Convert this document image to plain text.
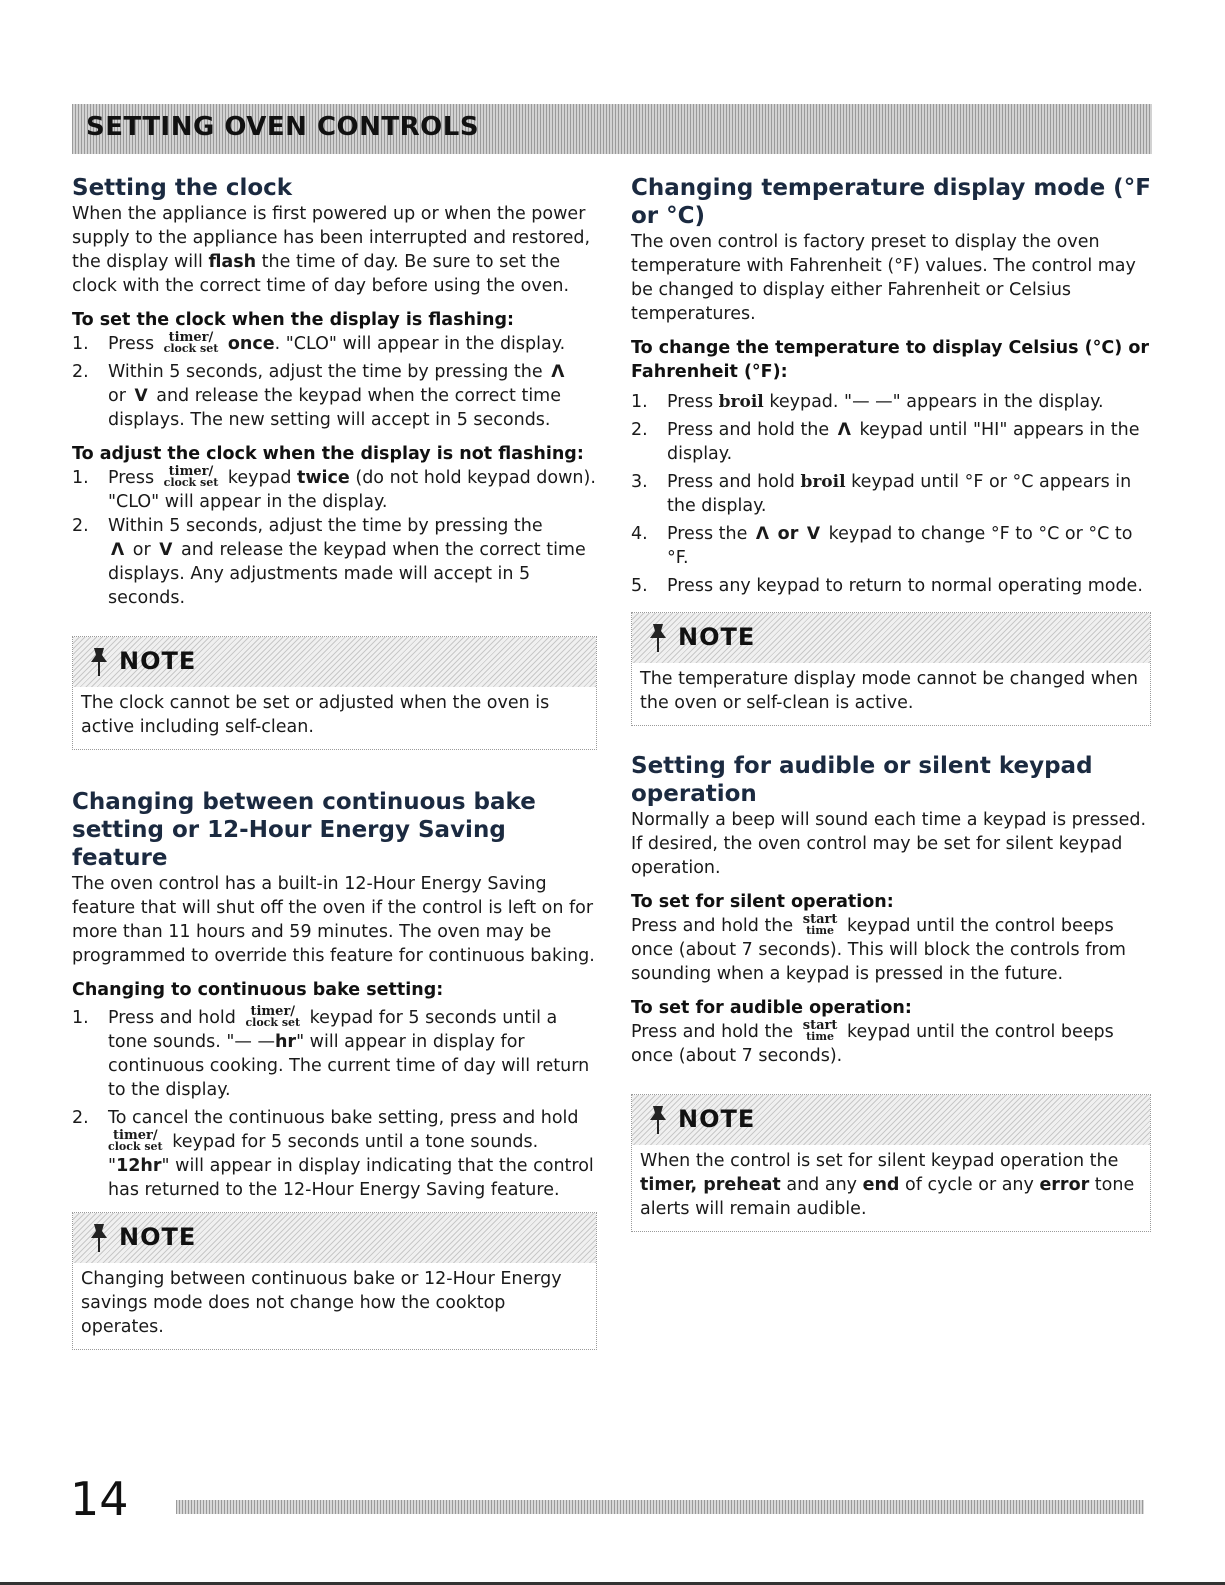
SETTING OVEN CONTROLS
Setting the clock

When the appliance is first powered up or when the power supply to the appliance has been interrupted and restored, the display will flash the time of day. Be sure to set the clock with the correct time of day before using the oven.

To set the clock when the display is flashing:
1. Press	timer/
clock set once. "CLO" will appear in the display.
2. Within 5 seconds, adjust the time by pressing the Λ
or V and release the keypad when the correct time displays. The new setting will accept in 5 seconds.
To adjust the clock when the display is not flashing:
1. Press	timer/
clock set keypad twice (do not hold keypad down). "CLO" will appear in the display.
2. Within 5 seconds, adjust the time by pressing the
Λ or V and release the keypad when the correct time displays. Any adjustments made will accept in 5 seconds.
NOTE
The clock cannot be set or adjusted when the oven is active including self-clean.
Changing between continuous bake setting or 12-Hour Energy Saving feature

The oven control has a built-in 12-Hour Energy Saving feature that will shut off the oven if the control is left on for more than 11 hours and 59 minutes. The oven may be programmed to override this feature for continuous baking.

Changing to continuous bake setting:
1. Press and hold	timer/
clock set keypad for 5 seconds until a tone sounds. "— —hr" will appear in display for continuous cooking. The current time of day will return to the display.
2. To cancel the continuous bake setting, press and hold

timer/
clock set keypad for 5 seconds until a tone sounds.
"12hr" will appear in display indicating that the control has returned to the 12-Hour Energy Saving feature.
NOTE
Changing between continuous bake or 12-Hour Energy savings mode does not change how the cooktop operates.
Changing temperature display mode (°F or °C)

The oven control is factory preset to display the oven temperature with Fahrenheit (°F) values. The control may be changed to display either Fahrenheit or Celsius temperatures.

To change the temperature to display Celsius (°C) or Fahrenheit (°F):
1. Press broil keypad. "— —" appears in the display.
2. Press and hold the Λ keypad until "HI" appears in the display.
3. Press and hold broil keypad until °F or °C appears in the display.
4. Press the Λ or V keypad to change °F to °C or °C to °F.
5. Press any keypad to return to normal operating mode.
NOTE
The temperature display mode cannot be changed when the oven or self-clean is active.
Setting for audible or silent keypad operation

Normally a beep will sound each time a keypad is pressed. If desired, the oven control may be set for silent keypad operation.

To set for silent operation:

Press and hold the start
time keypad until the control beeps once (about 7 seconds). This will block the controls from sounding when a keypad is pressed in the future.

To set for audible operation:

Press and hold the start
time keypad until the control beeps once (about 7 seconds).

NOTE
When the control is set for silent keypad operation the timer, preheat and any end of cycle or any error tone alerts will remain audible.
14
